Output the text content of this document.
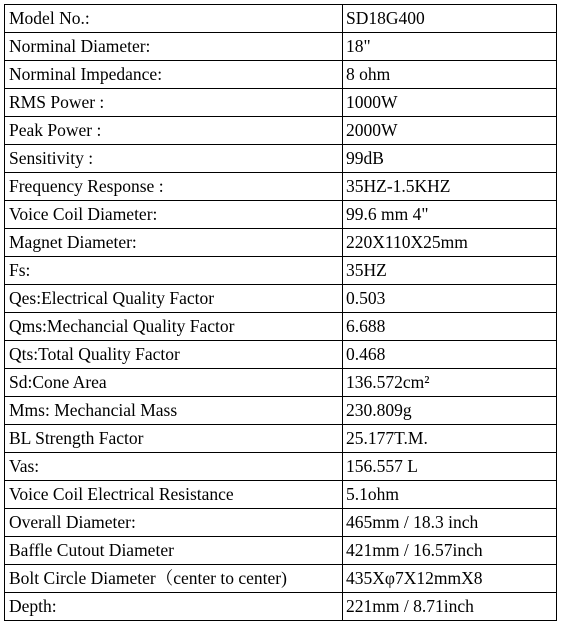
Model No.:	SD18G400
Norminal Diameter:	18"
Norminal Impedance:	8 ohm
RMS Power :	1000W
Peak Power :	2000W
Sensitivity :	99dB
Frequency Response :	35HZ-1.5KHZ
Voice Coil Diameter:	99.6 mm 4"
Magnet Diameter:	220X110X25mm
Fs:	35HZ
Qes:Electrical Quality Factor	0.503
Qms:Mechancial Quality Factor	6.688
Qts:Total Quality Factor	0.468
Sd:Cone Area	136.572cm²
Mms: Mechancial Mass	230.809g
BL Strength Factor	25.177T.M.
Vas:	156.557 L
Voice Coil Electrical Resistance	5.1ohm
Overall Diameter:	465mm / 18.3 inch
Baffle Cutout Diameter	421mm / 16.57inch
Bolt Circle Diameter（center to center)	435Xφ7X12mmX8
Depth:	221mm / 8.71inch
